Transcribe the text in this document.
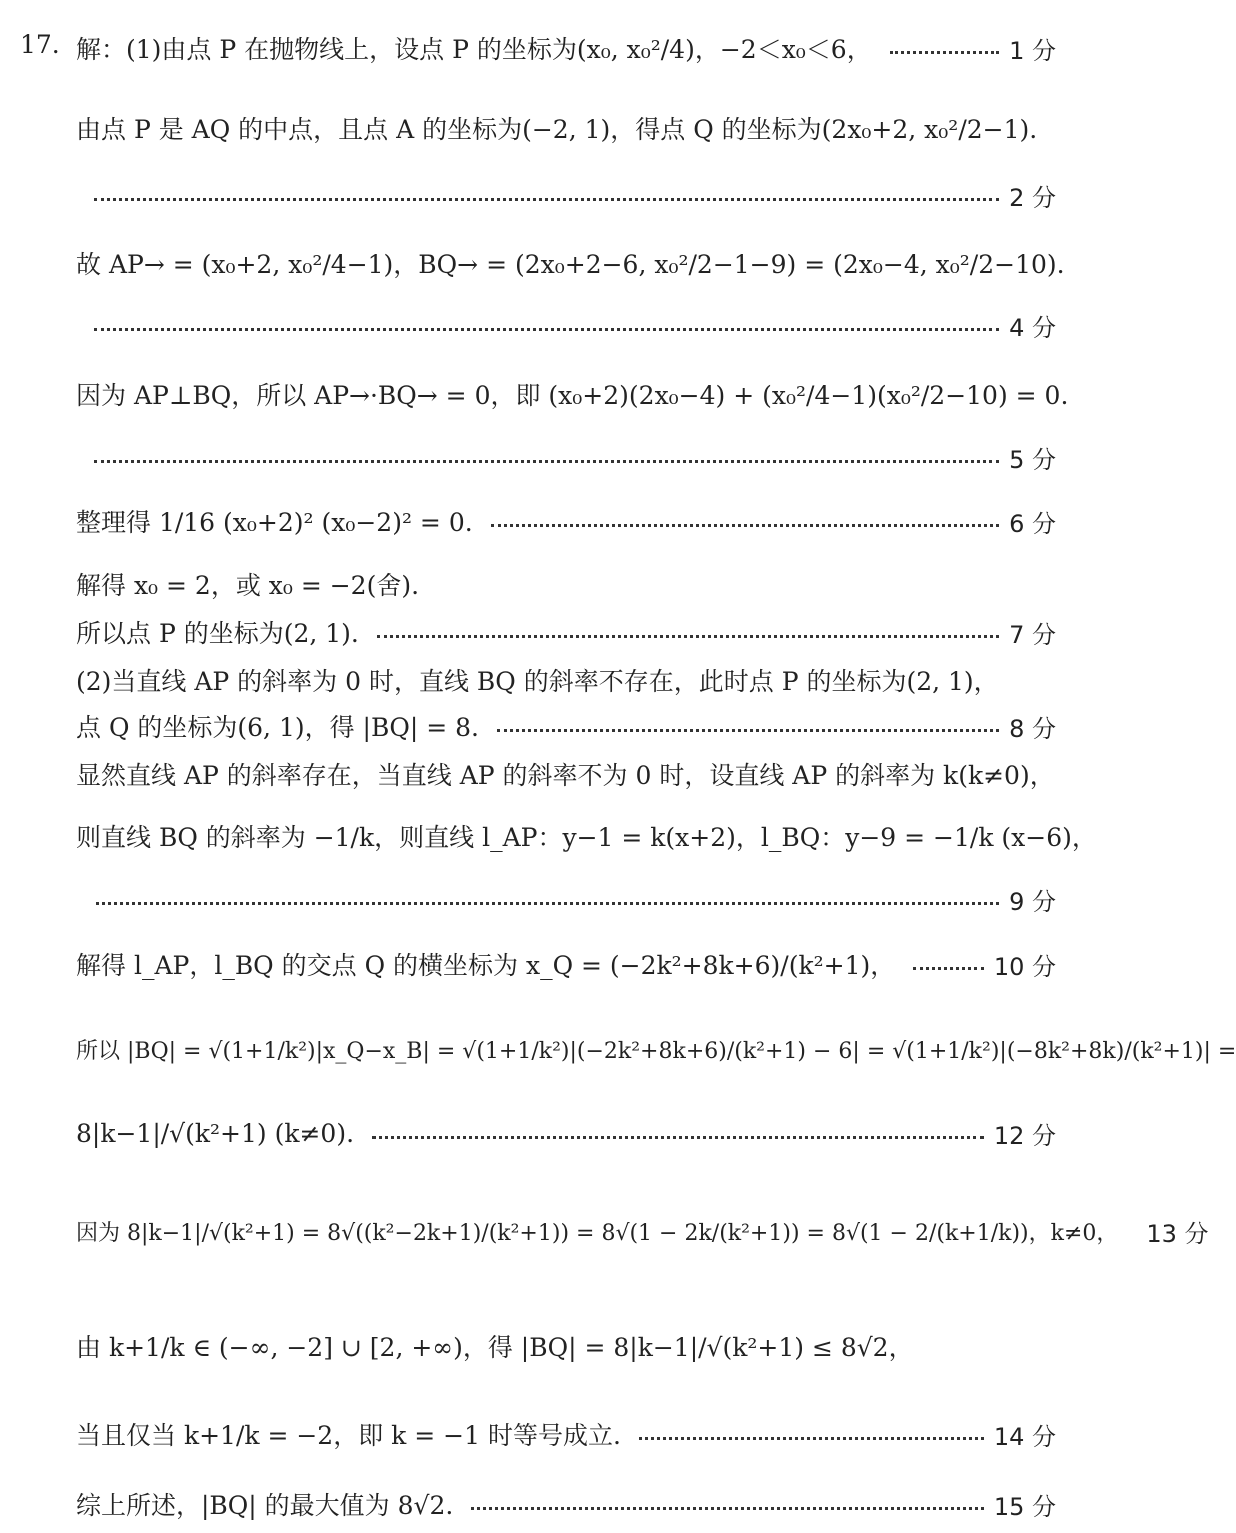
17. 解：(1)由点 P 在抛物线上，设点 P 的坐标为(x₀, x₀²/4)，−2＜x₀＜6，	1 分
由点 P 是 AQ 的中点，且点 A 的坐标为(−2, 1)，得点 Q 的坐标为(2x₀+2, x₀²/2−1).
2 分
故 AP→ = (x₀+2, x₀²/4−1)，BQ→ = (2x₀+2−6, x₀²/2−1−9) = (2x₀−4, x₀²/2−10).
4 分
因为 AP⊥BQ，所以 AP→·BQ→ = 0，即 (x₀+2)(2x₀−4) + (x₀²/4−1)(x₀²/2−10) = 0.
5 分
整理得 1/16 (x₀+2)² (x₀−2)² = 0.	6 分
解得 x₀ = 2，或 x₀ = −2(舍).
所以点 P 的坐标为(2, 1).	7 分
(2)当直线 AP 的斜率为 0 时，直线 BQ 的斜率不存在，此时点 P 的坐标为(2, 1)，
点 Q 的坐标为(6, 1)，得 |BQ| = 8.	8 分
显然直线 AP 的斜率存在，当直线 AP 的斜率不为 0 时，设直线 AP 的斜率为 k(k≠0)，
则直线 BQ 的斜率为 −1/k，则直线 l_AP：y−1 = k(x+2)，l_BQ：y−9 = −1/k (x−6)，
9 分
解得 l_AP，l_BQ 的交点 Q 的横坐标为 x_Q = (−2k²+8k+6)/(k²+1)，	10 分
所以 |BQ| = √(1+1/k²)|x_Q−x_B| = √(1+1/k²)|(−2k²+8k+6)/(k²+1) − 6| = √(1+1/k²)|(−8k²+8k)/(k²+1)| =
8|k−1|/√(k²+1) (k≠0).	12 分
因为 8|k−1|/√(k²+1) = 8√((k²−2k+1)/(k²+1)) = 8√(1 − 2k/(k²+1)) = 8√(1 − 2/(k+1/k))，k≠0， 13 分
由 k+1/k ∈ (−∞, −2] ∪ [2, +∞)，得 |BQ| = 8|k−1|/√(k²+1) ≤ 8√2，
当且仅当 k+1/k = −2，即 k = −1 时等号成立.	14 分
综上所述，|BQ| 的最大值为 8√2.	15 分
